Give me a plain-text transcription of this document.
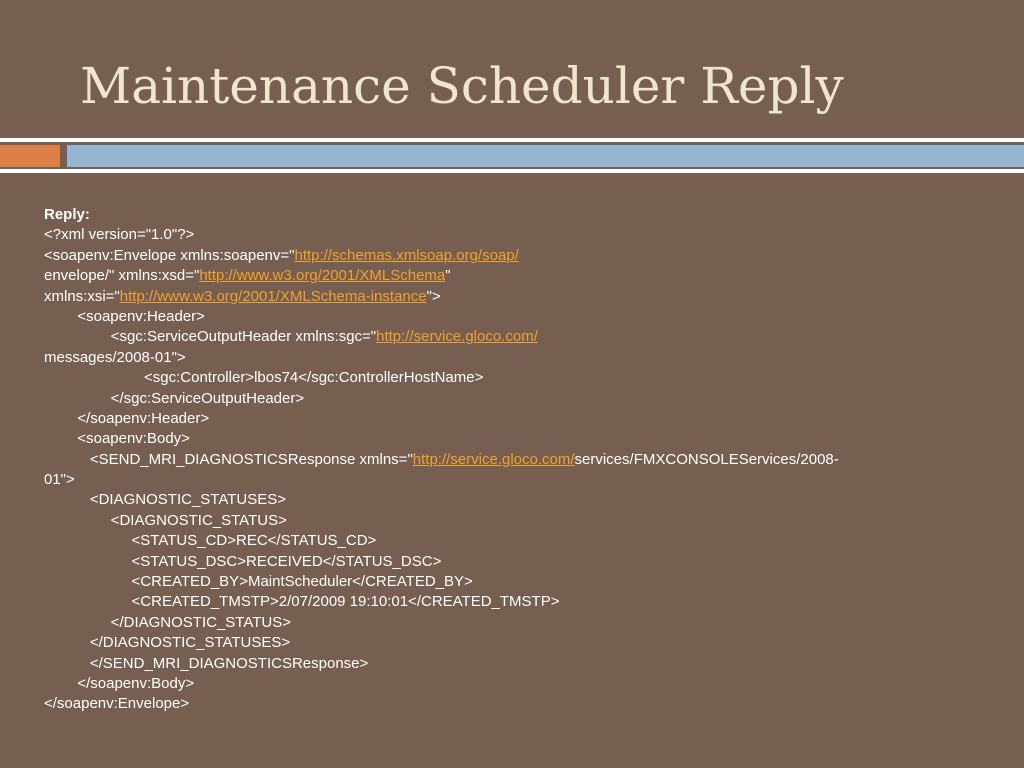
Maintenance Scheduler Reply
Reply:
<?xml version="1.0"?>
<soapenv:Envelope xmlns:soapenv="http://schemas.xmlsoap.org/soap/
envelope/" xmlns:xsd="http://www.w3.org/2001/XMLSchema"
xmlns:xsi="http://www.w3.org/2001/XMLSchema-instance">
<soapenv:Header>
<sgc:ServiceOutputHeader xmlns:sgc="http://service.gloco.com/
messages/2008-01">
<sgc:Controller>lbos74</sgc:ControllerHostName>
</sgc:ServiceOutputHeader>
</soapenv:Header>
<soapenv:Body>
<SEND_MRI_DIAGNOSTICSResponse xmlns="http://service.gloco.com/services/FMXCONSOLEServices/2008-
01">
<DIAGNOSTIC_STATUSES>
<DIAGNOSTIC_STATUS>
<STATUS_CD>REC</STATUS_CD>
<STATUS_DSC>RECEIVED</STATUS_DSC>
<CREATED_BY>MaintScheduler</CREATED_BY>
<CREATED_TMSTP>2/07/2009 19:10:01</CREATED_TMSTP>
</DIAGNOSTIC_STATUS>
</DIAGNOSTIC_STATUSES>
</SEND_MRI_DIAGNOSTICSResponse>
</soapenv:Body>
</soapenv:Envelope>
